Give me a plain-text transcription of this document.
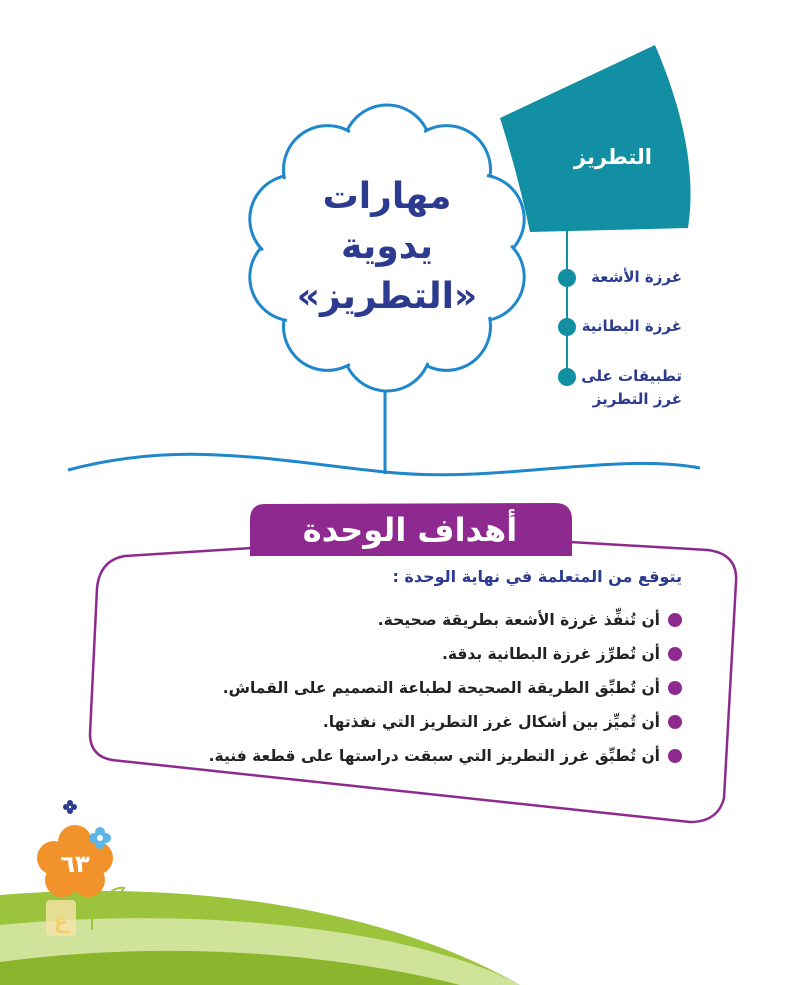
ع
مهارات
يدوية
«التطريز»
التطريز
غرزة الأشعة
غرزة البطانية
تطبيقات على
غرز التطريز
أهداف الوحدة
يتوقع من المتعلمة في نهاية الوحدة :
أن تُنفِّذ غرزة الأشعة بطريقة صحيحة.
أن تُطرِّز غرزة البطانية بدقة.
أن تُطبِّق الطريقة الصحيحة لطباعة التصميم على القماش.
أن تُميِّز بين أشكال غرز التطريز التي نفذتها.
أن تُطبِّق غرز التطريز التي سبقت دراستها على قطعة فنية.
٦٣
